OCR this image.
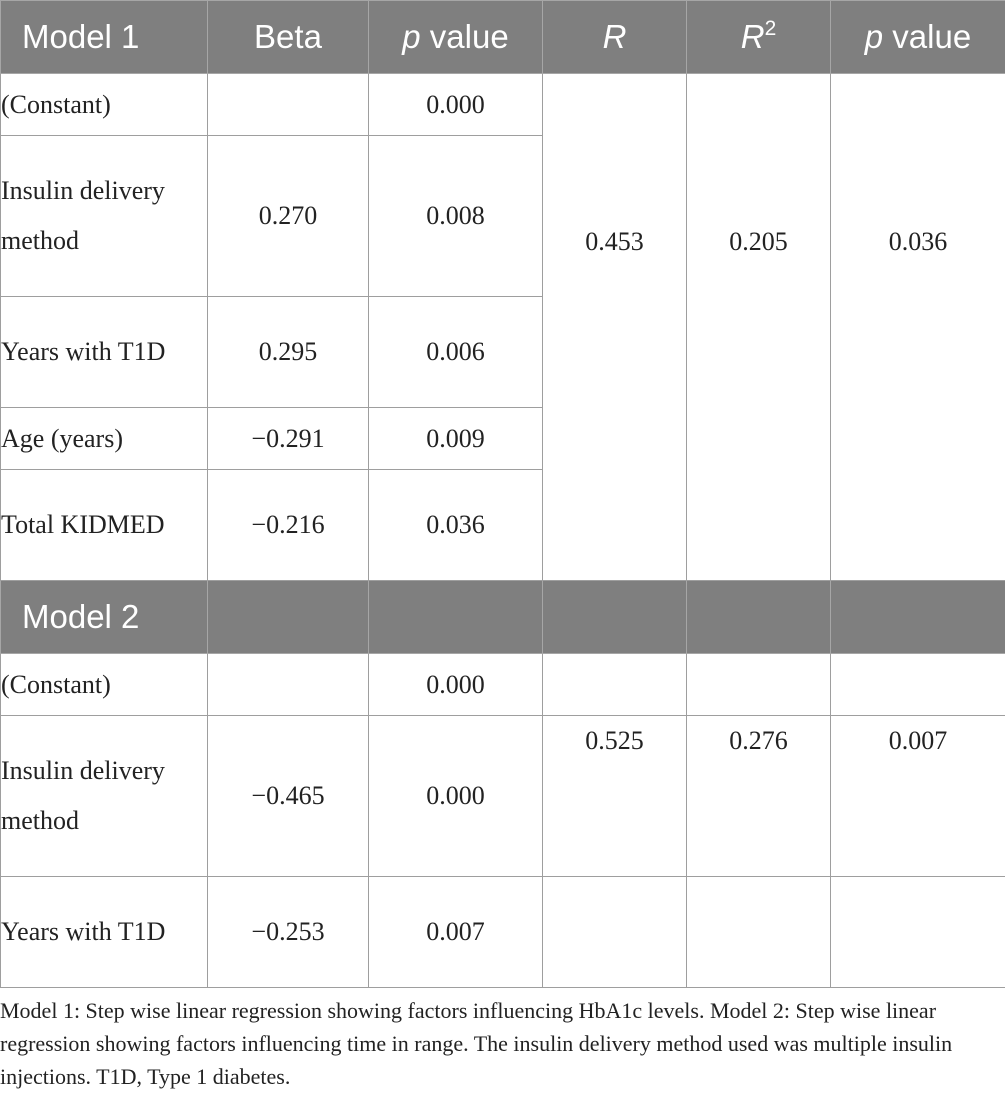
Model 1	Beta	p value	R	$R^2$	p value
(Constant)		0.000	0.453	0.205	0.036
Insulin delivery method	0.270	0.008			
Years with T1D	0.295	0.006			
Age (years)	−0.291	0.009			
Total KIDMED	−0.216	0.036			
Model 2					
(Constant)		0.000			
Insulin delivery method	−0.465	0.000	0.525	0.276	0.007
Years with T1D	−0.253	0.007			

Model 1: Step wise linear regression showing factors influencing HbA1c levels. Model 2: Step wise linear regression showing factors influencing time in range. The insulin delivery method used was multiple insulin injections. T1D, Type 1 diabetes.
